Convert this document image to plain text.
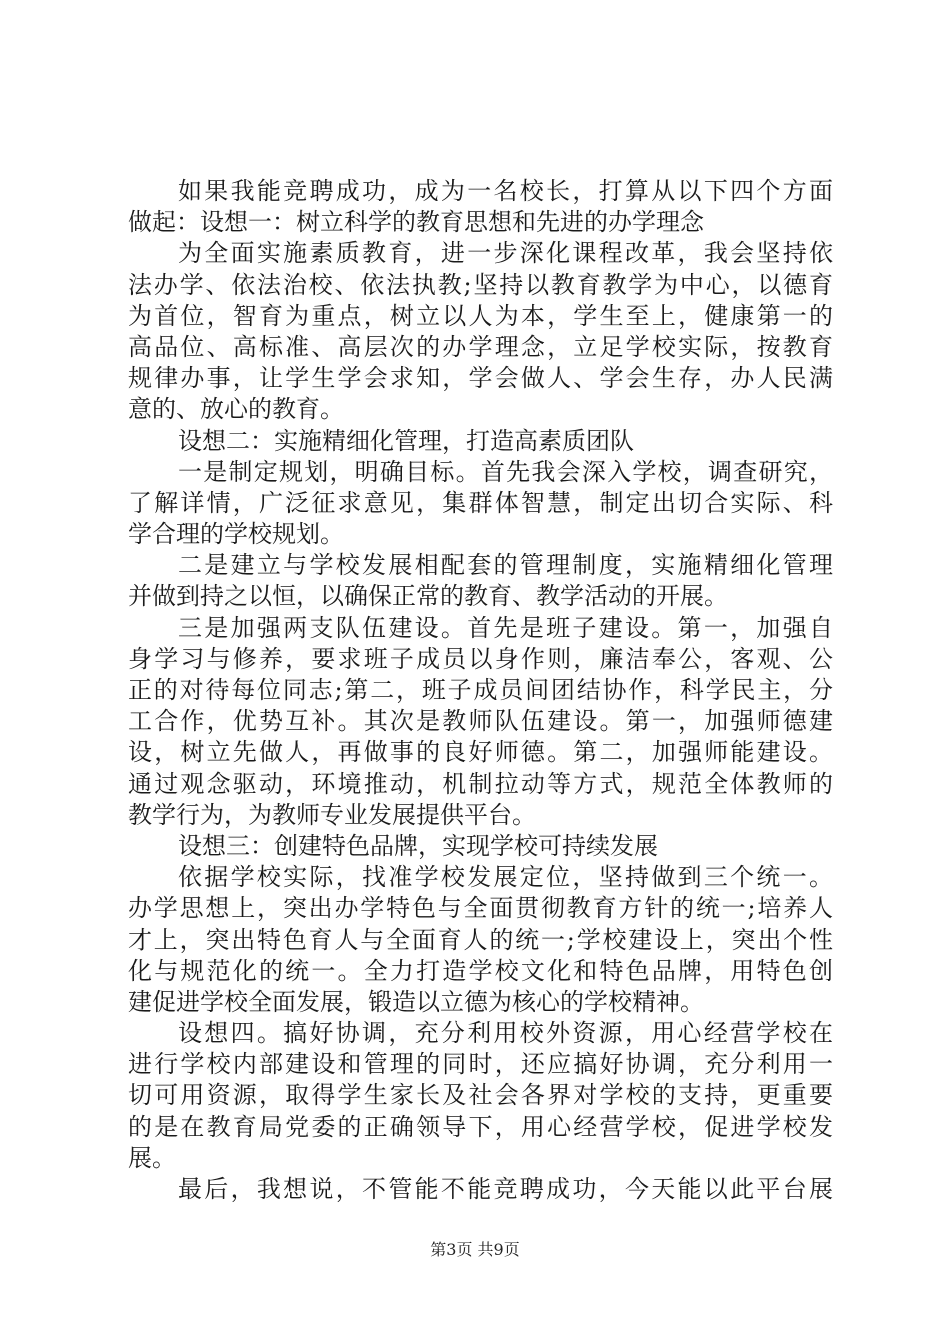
如果我能竞聘成功，成为一名校长，打算从以下四个方面
做起：设想一：树立科学的教育思想和先进的办学理念
为全面实施素质教育，进一步深化课程改革，我会坚持依
法办学、依法治校、依法执教;坚持以教育教学为中心，以德育
为首位，智育为重点，树立以人为本，学生至上，健康第一的
高品位、高标准、高层次的办学理念，立足学校实际，按教育
规律办事，让学生学会求知，学会做人、学会生存，办人民满
意的、放心的教育。
设想二：实施精细化管理，打造高素质团队
一是制定规划，明确目标。首先我会深入学校，调查研究，
了解详情，广泛征求意见，集群体智慧，制定出切合实际、科
学合理的学校规划。
二是建立与学校发展相配套的管理制度，实施精细化管理
并做到持之以恒，以确保正常的教育、教学活动的开展。
三是加强两支队伍建设。首先是班子建设。第一，加强自
身学习与修养，要求班子成员以身作则，廉洁奉公，客观、公
正的对待每位同志;第二，班子成员间团结协作，科学民主，分
工合作，优势互补。其次是教师队伍建设。第一，加强师德建
设，树立先做人，再做事的良好师德。第二，加强师能建设。
通过观念驱动，环境推动，机制拉动等方式，规范全体教师的
教学行为，为教师专业发展提供平台。
设想三：创建特色品牌，实现学校可持续发展
依据学校实际，找准学校发展定位，坚持做到三个统一。
办学思想上，突出办学特色与全面贯彻教育方针的统一;培养人
才上，突出特色育人与全面育人的统一;学校建设上，突出个性
化与规范化的统一。全力打造学校文化和特色品牌，用特色创
建促进学校全面发展，锻造以立德为核心的学校精神。
设想四。搞好协调，充分利用校外资源，用心经营学校在
进行学校内部建设和管理的同时，还应搞好协调，充分利用一
切可用资源，取得学生家长及社会各界对学校的支持，更重要
的是在教育局党委的正确领导下，用心经营学校，促进学校发
展。
最后，我想说，不管能不能竞聘成功，今天能以此平台展
第3页 共9页
